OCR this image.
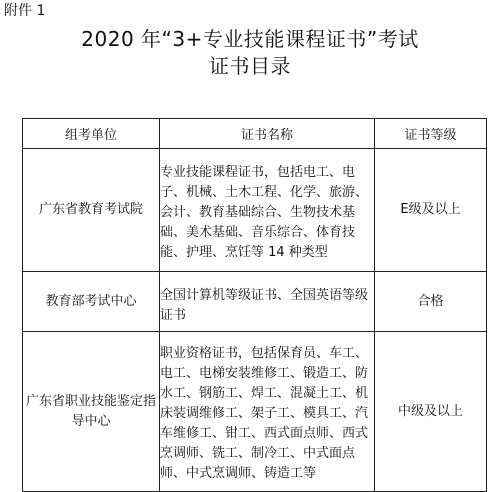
附件 1
2020 年“3+专业技能课程证书”考试
证书目录
组考单位	证书名称	证书等级
广东省教育考试院	专业技能课程证书，包括电工、电子、机械、土木工程、化学、旅游、会计、教育基础综合、生物技术基础、美术基础、音乐综合、体育技能、护理、烹饪等 14 种类型	E级及以上
教育部考试中心	全国计算机等级证书、全国英语等级证书	合格
广东省职业技能鉴定指导中心	职业资格证书，包括保育员、车工、电工、电梯安装维修工、锻造工、防水工、钢筋工、焊工、混凝土工、机床装调维修工、架子工、模具工、汽车维修工、钳工、西式面点师、西式烹调师、铣工、制冷工、中式面点师、中式烹调师、铸造工等	中级及以上
